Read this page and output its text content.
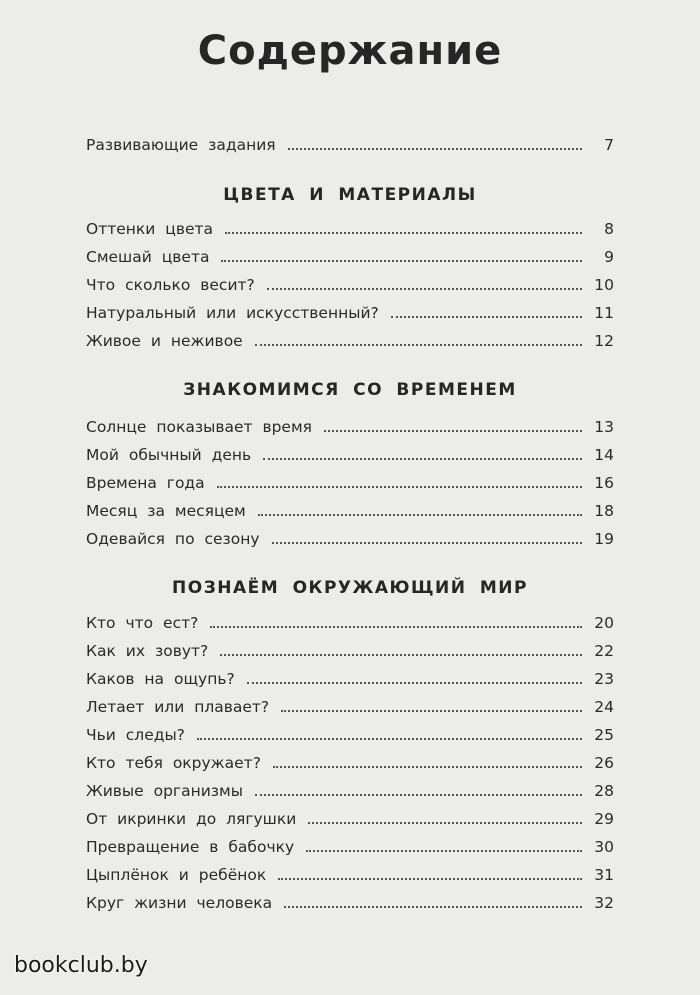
Содержание
Развивающие задания	7
ЦВЕТА И МАТЕРИАЛЫ
Оттенки цвета	8
Смешай цвета	9
Что сколько весит?	10
Натуральный или искусственный?	11
Живое и неживое	12
ЗНАКОМИМСЯ СО ВРЕМЕНЕМ
Солнце показывает время	13
Мой обычный день	14
Времена года	16
Месяц за месяцем	18
Одевайся по сезону	19
ПОЗНАЁМ ОКРУЖАЮЩИЙ МИР
Кто что ест?	20
Как их зовут?	22
Каков на ощупь?	23
Летает или плавает?	24
Чьи следы?	25
Кто тебя окружает?	26
Живые организмы	28
От икринки до лягушки	29
Превращение в бабочку	30
Цыплёнок и ребёнок	31
Круг жизни человека	32
bookclub.by
